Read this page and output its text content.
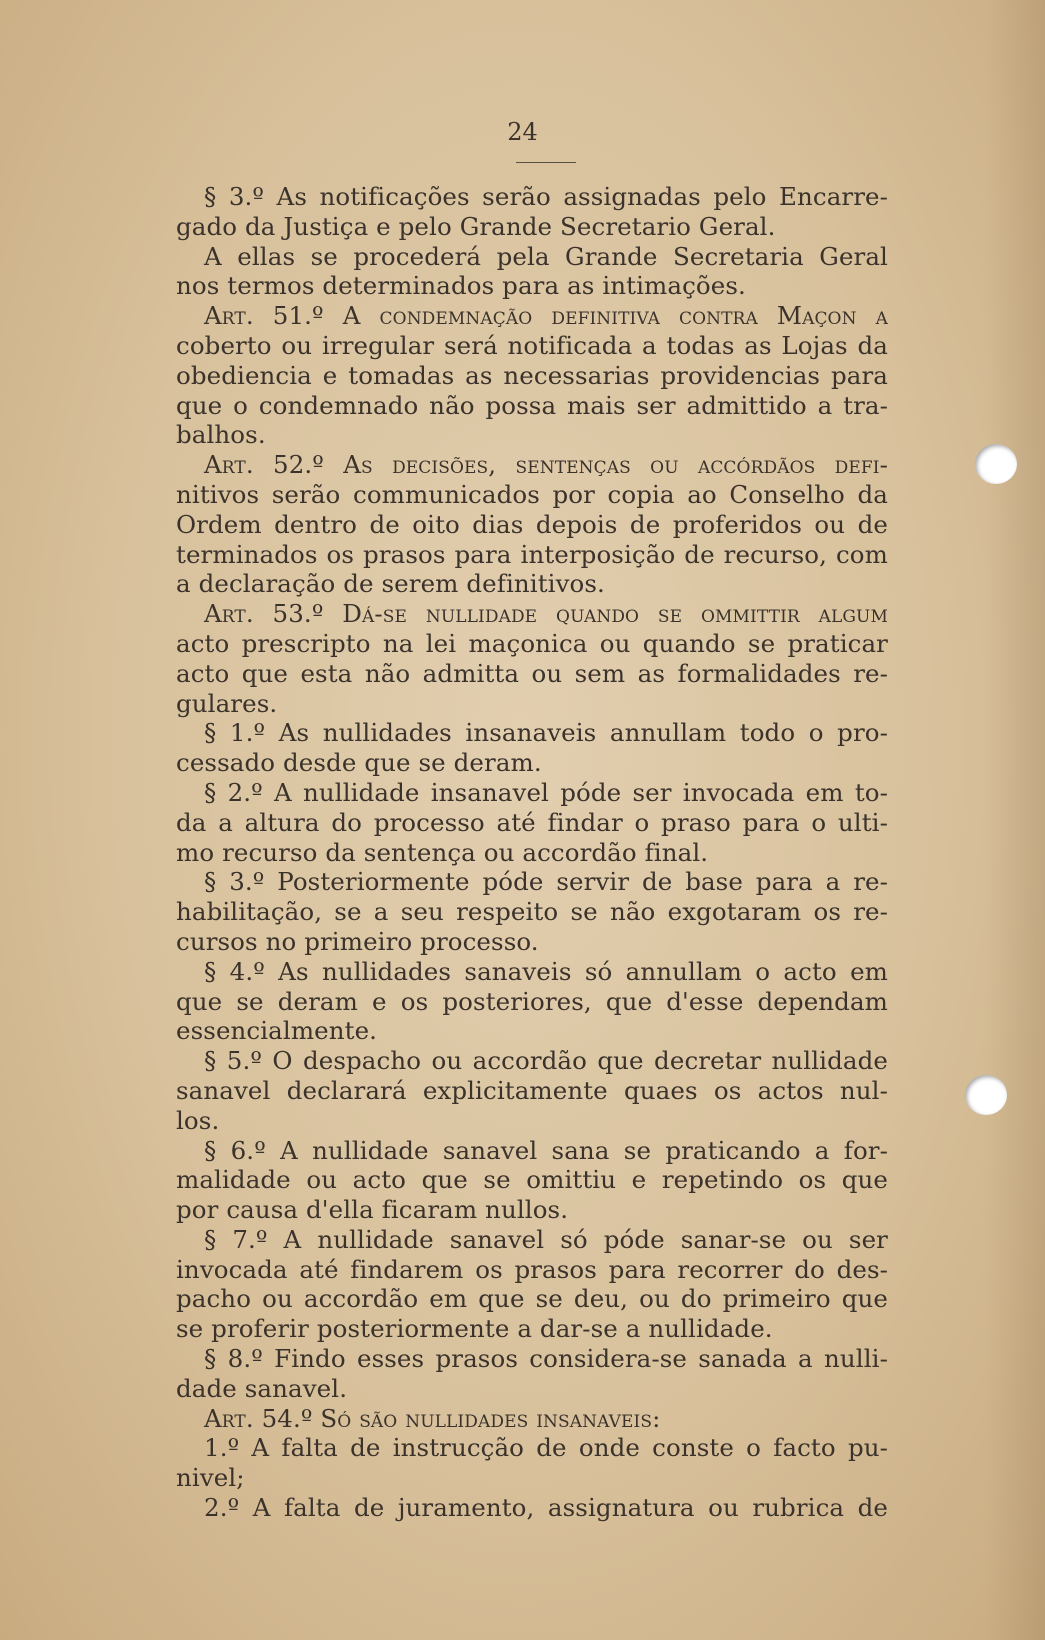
24
§ 3.º As notificações serão assignadas pelo Encarre-
gado da Justiça e pelo Grande Secretario Geral.
A ellas se procederá pela Grande Secretaria Geral
nos termos determinados para as intimações.
Art. 51.º A condemnação definitiva contra Maçon a
coberto ou irregular será notificada a todas as Lojas da
obediencia e tomadas as necessarias providencias para
que o condemnado não possa mais ser admittido a tra-
balhos.
Art. 52.º As decisões, sentenças ou accórdãos defi-
nitivos serão communicados por copia ao Conselho da
Ordem dentro de oito dias depois de proferidos ou de
terminados os prasos para interposição de recurso, com
a declaração de serem definitivos.
Art. 53.º Dá-se nullidade quando se ommittir algum
acto prescripto na lei maçonica ou quando se praticar
acto que esta não admitta ou sem as formalidades re-
gulares.
§ 1.º As nullidades insanaveis annullam todo o pro-
cessado desde que se deram.
§ 2.º A nullidade insanavel póde ser invocada em to-
da a altura do processo até findar o praso para o ulti-
mo recurso da sentença ou accordão final.
§ 3.º Posteriormente póde servir de base para a re-
habilitação, se a seu respeito se não exgotaram os re-
cursos no primeiro processo.
§ 4.º As nullidades sanaveis só annullam o acto em
que se deram e os posteriores, que d'esse dependam
essencialmente.
§ 5.º O despacho ou accordão que decretar nullidade
sanavel declarará explicitamente quaes os actos nul-
los.
§ 6.º A nullidade sanavel sana se praticando a for-
malidade ou acto que se omittiu e repetindo os que
por causa d'ella ficaram nullos.
§ 7.º A nullidade sanavel só póde sanar-se ou ser
invocada até findarem os prasos para recorrer do des-
pacho ou accordão em que se deu, ou do primeiro que
se proferir posteriormente a dar-se a nullidade.
§ 8.º Findo esses prasos considera-se sanada a nulli-
dade sanavel.
Art. 54.º Só são nullidades insanaveis:
1.º A falta de instrucção de onde conste o facto pu-
nivel;
2.º A falta de juramento, assignatura ou rubrica de
